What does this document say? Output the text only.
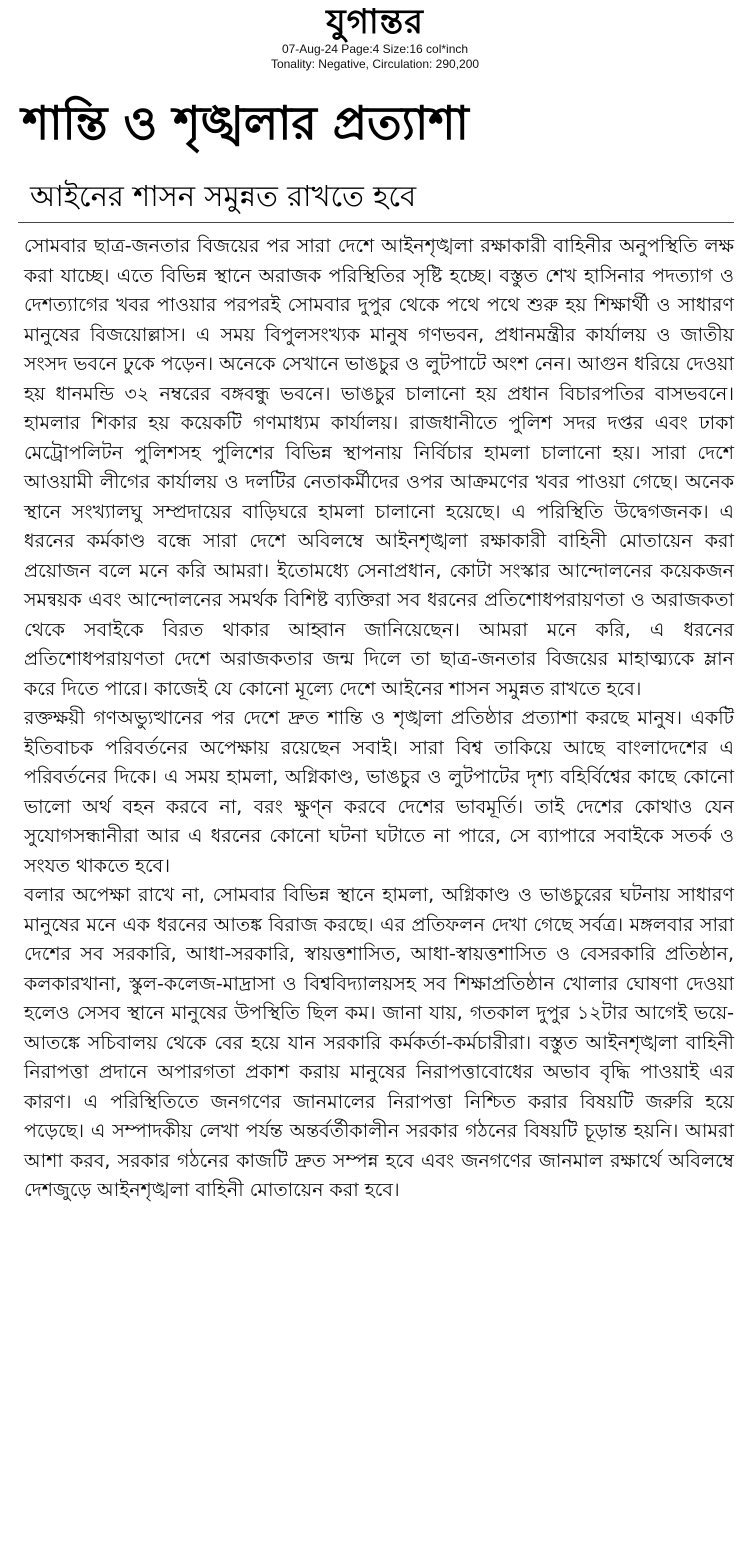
যুগান্তর
07-Aug-24 Page:4 Size:16 col*inch
Tonality: Negative, Circulation: 290,200
শান্তি ও শৃঙ্খলার প্রত্যাশা
আইনের শাসন সমুন্নত রাখতে হবে

সোমবার ছাত্র-জনতার বিজয়ের পর সারা দেশে আইনশৃঙ্খলা রক্ষাকারী বাহিনীর অনুপস্থিতি লক্ষ করা যাচ্ছে। এতে বিভিন্ন স্থানে অরাজক পরিস্থিতির সৃষ্টি হচ্ছে। বস্তুত শেখ হাসিনার পদত্যাগ ও দেশত্যাগের খবর পাওয়ার পরপরই সোমবার দুপুর থেকে পথে পথে শুরু হয় শিক্ষার্থী ও সাধারণ মানুষের বিজয়োল্লাস। এ সময় বিপুলসংখ্যক মানুষ গণভবন, প্রধানমন্ত্রীর কার্যালয় ও জাতীয় সংসদ ভবনে ঢুকে পড়েন। অনেকে সেখানে ভাঙচুর ও লুটপাটে অংশ নেন। আগুন ধরিয়ে দেওয়া হয় ধানমন্ডি ৩২ নম্বরের বঙ্গবন্ধু ভবনে। ভাঙচুর চালানো হয় প্রধান বিচারপতির বাসভবনে। হামলার শিকার হয় কয়েকটি গণমাধ্যম কার্যালয়। রাজধানীতে পুলিশ সদর দপ্তর এবং ঢাকা মেট্রোপলিটন পুলিশসহ পুলিশের বিভিন্ন স্থাপনায় নির্বিচার হামলা চালানো হয়। সারা দেশে আওয়ামী লীগের কার্যালয় ও দলটির নেতাকর্মীদের ওপর আক্রমণের খবর পাওয়া গেছে। অনেক স্থানে সংখ্যালঘু সম্প্রদায়ের বাড়িঘরে হামলা চালানো হয়েছে। এ পরিস্থিতি উদ্বেগজনক। এ ধরনের কর্মকাণ্ড বন্ধে সারা দেশে অবিলম্বে আইনশৃঙ্খলা রক্ষাকারী বাহিনী মোতায়েন করা প্রয়োজন বলে মনে করি আমরা। ইতোমধ্যে সেনাপ্রধান, কোটা সংস্কার আন্দোলনের কয়েকজন সমন্বয়ক এবং আন্দোলনের সমর্থক বিশিষ্ট ব্যক্তিরা সব ধরনের প্রতিশোধপরায়ণতা ও অরাজকতা থেকে সবাইকে বিরত থাকার আহ্বান জানিয়েছেন। আমরা মনে করি, এ ধরনের প্রতিশোধপরায়ণতা দেশে অরাজকতার জন্ম দিলে তা ছাত্র-জনতার বিজয়ের মাহাত্ম্যকে ম্লান করে দিতে পারে। কাজেই যে কোনো মূল্যে দেশে আইনের শাসন সমুন্নত রাখতে হবে।

রক্তক্ষয়ী গণঅভ্যুত্থানের পর দেশে দ্রুত শান্তি ও শৃঙ্খলা প্রতিষ্ঠার প্রত্যাশা করছে মানুষ। একটি ইতিবাচক পরিবর্তনের অপেক্ষায় রয়েছেন সবাই। সারা বিশ্ব তাকিয়ে আছে বাংলাদেশের এ পরিবর্তনের দিকে। এ সময় হামলা, অগ্নিকাণ্ড, ভাঙচুর ও লুটপাটের দৃশ্য বহির্বিশ্বের কাছে কোনো ভালো অর্থ বহন করবে না, বরং ক্ষুণ্ন করবে দেশের ভাবমূর্তি। তাই দেশের কোথাও যেন সুযোগসন্ধানীরা আর এ ধরনের কোনো ঘটনা ঘটাতে না পারে, সে ব্যাপারে সবাইকে সতর্ক ও সংযত থাকতে হবে।

বলার অপেক্ষা রাখে না, সোমবার বিভিন্ন স্থানে হামলা, অগ্নিকাণ্ড ও ভাঙচুরের ঘটনায় সাধারণ মানুষের মনে এক ধরনের আতঙ্ক বিরাজ করছে। এর প্রতিফলন দেখা গেছে সর্বত্র। মঙ্গলবার সারা দেশের সব সরকারি, আধা-সরকারি, স্বায়ত্তশাসিত, আধা-স্বায়ত্তশাসিত ও বেসরকারি প্রতিষ্ঠান, কলকারখানা, স্কুল-কলেজ-মাদ্রাসা ও বিশ্ববিদ্যালয়সহ সব শিক্ষাপ্রতিষ্ঠান খোলার ঘোষণা দেওয়া হলেও সেসব স্থানে মানুষের উপস্থিতি ছিল কম। জানা যায়, গতকাল দুপুর ১২টার আগেই ভয়ে-আতঙ্কে সচিবালয় থেকে বের হয়ে যান সরকারি কর্মকর্তা-কর্মচারীরা। বস্তুত আইনশৃঙ্খলা বাহিনী নিরাপত্তা প্রদানে অপারগতা প্রকাশ করায় মানুষের নিরাপত্তাবোধের অভাব বৃদ্ধি পাওয়াই এর কারণ। এ পরিস্থিতিতে জনগণের জানমালের নিরাপত্তা নিশ্চিত করার বিষয়টি জরুরি হয়ে পড়েছে। এ সম্পাদকীয় লেখা পর্যন্ত অন্তর্বর্তীকালীন সরকার গঠনের বিষয়টি চূড়ান্ত হয়নি। আমরা আশা করব, সরকার গঠনের কাজটি দ্রুত সম্পন্ন হবে এবং জনগণের জানমাল রক্ষার্থে অবিলম্বে দেশজুড়ে আইনশৃঙ্খলা বাহিনী মোতায়েন করা হবে।
